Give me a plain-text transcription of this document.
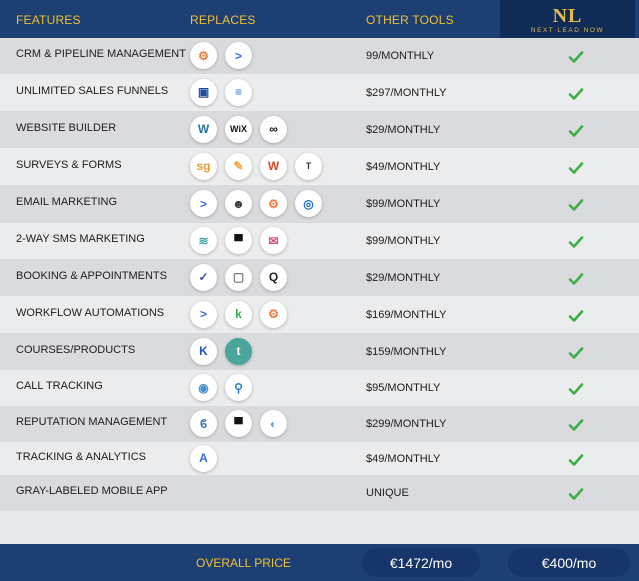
FEATURES	REPLACES	OTHER TOOLS	NL
NEXT LEAD NOW
CRM & PIPELINE MANAGEMENT	⚙	>	99/MONTHLY
UNLIMITED SALES FUNNELS	▣	≡	$297/MONTHLY
WEBSITE BUILDER	W	WiX	∞	$29/MONTHLY
SURVEYS & FORMS	sg	✎	W	T	$49/MONTHLY
EMAIL MARKETING	>	☻	⚙	◎	$99/MONTHLY
2-WAY SMS MARKETING	≋	▀	✉	$99/MONTHLY
BOOKING & APPOINTMENTS	✓	▢	Q	$29/MONTHLY
WORKFLOW AUTOMATIONS	>	k	⚙	$169/MONTHLY
COURSES/PRODUCTS	K	t	$159/MONTHLY
CALL TRACKING	◉	⚲	$95/MONTHLY
REPUTATION MANAGEMENT	ϐ	▀	◐	$299/MONTHLY
TRACKING & ANALYTICS	A	$49/MONTHLY
GRAY-LABELED MOBILE APP	UNIQUE
OVERALL PRICE	€1472/mo	€400/mo
